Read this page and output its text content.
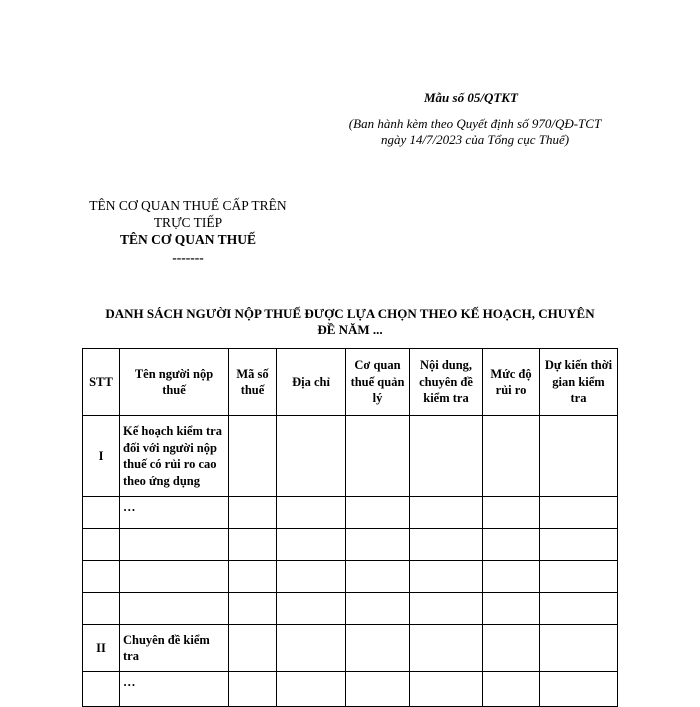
Mẫu số 05/QTKT
(Ban hành kèm theo Quyết định số 970/QĐ-TCT
ngày 14/7/2023 của Tổng cục Thuế)
TÊN CƠ QUAN THUẾ CẤP TRÊN
TRỰC TIẾP
TÊN CƠ QUAN THUẾ
-------
DANH SÁCH NGƯỜI NỘP THUẾ ĐƯỢC LỰA CHỌN THEO KẾ HOẠCH, CHUYÊN
ĐỀ NĂM ...
STT	Tên người nộp thuế	Mã số thuế	Địa chỉ	Cơ quan thuế quản lý	Nội dung, chuyên đề kiểm tra	Mức độ rủi ro	Dự kiến thời gian kiểm tra
I	Kế hoạch kiểm tra đối với người nộp thuế có rủi ro cao theo ứng dụng						
	…						

II	Chuyên đề kiểm tra						
	…						
